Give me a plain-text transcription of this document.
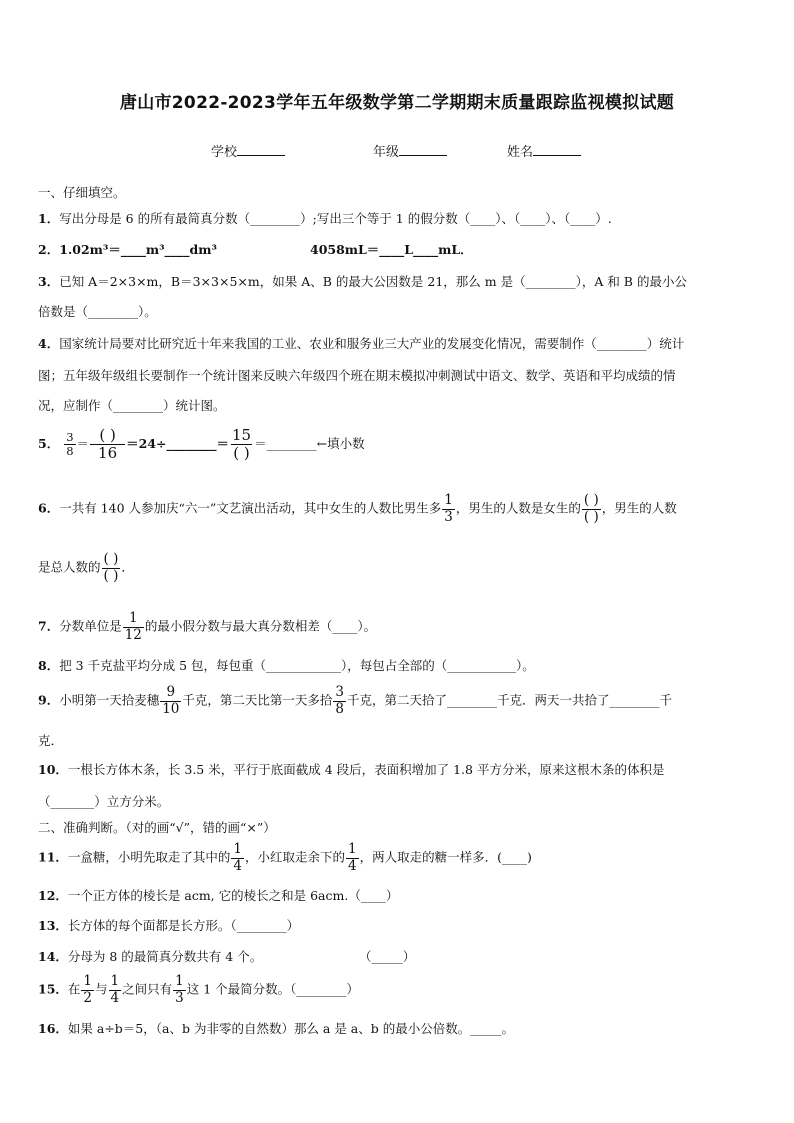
唐山市2022-2023学年五年级数学第二学期期末质量跟踪监视模拟试题
学校	年级	姓名
一、仔细填空。
1．写出分母是 6 的所有最简真分数（________）;写出三个等于 1 的假分数（____）、（____）、（____）.
2．1.02m³＝____m³____dm³	4058mL＝____L____mL．
3．已知 A＝2×3×m，B＝3×3×5×m，如果 A、B 的最大公因数是 21，那么 m 是（________），A 和 B 的最小公
倍数是（________）。
4．国家统计局要对比研究近十年来我国的工业、农业和服务业三大产业的发展变化情况，需要制作（________）统计
图；五年级年级组长要制作一个统计图来反映六年级四个班在期末模拟冲刺测试中语文、数学、英语和平均成绩的情
况，应制作（________）统计图。
5． $\frac{3}{8} = \frac{( )}{16}$ ＝24÷________＝ $\frac{15}{( )}$ ＝________←填小数
6．一共有 140 人参加庆“六一”文艺演出活动，其中女生的人数比男生多 $\frac{1}{3}$ ，男生的人数是女生的 $\frac{( )}{( )}$ ，男生的人数
是总人数的 $\frac{( )}{( )}$ ．
7．分数单位是 $\frac{1}{12}$ 的最小假分数与最大真分数相差（____）。
8．把 3 千克盐平均分成 5 包，每包重（____________），每包占全部的（___________）。
9．小明第一天拾麦穗 $\frac{9}{10}$ 千克，第二天比第一天多拾 $\frac{3}{8}$ 千克，第二天拾了________千克．两天一共拾了________千
克．
10．一根长方体木条，长 3.5 米，平行于底面截成 4 段后，表面积增加了 1.8 平方分米，原来这根木条的体积是
（_______）立方分米。
二、准确判断。（对的画“√”，错的画“×”）
11．一盒糖，小明先取走了其中的 $\frac{1}{4}$ ，小红取走余下的 $\frac{1}{4}$ ，两人取走的糖一样多．(____)
12．一个正方体的棱长是 acm, 它的棱长之和是 6acm.（____）
13．长方体的每个面都是长方形。（________）
14．分母为 8 的最简真分数共有 4 个。	（_____）
15．在 $\frac{1}{2}$ 与 $\frac{1}{4}$ 之间只有 $\frac{1}{3}$ 这 1 个最简分数。（________）
16．如果 a÷b＝5，（a、b 为非零的自然数）那么 a 是 a、b 的最小公倍数。_____。
